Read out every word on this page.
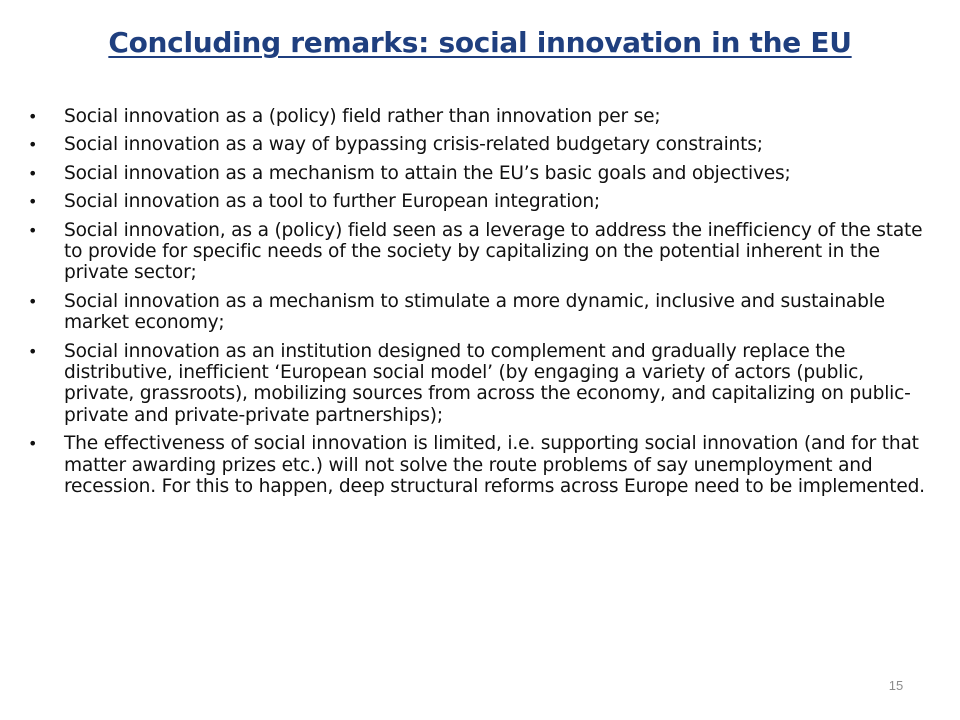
Concluding remarks: social innovation in the EU
•	Social innovation as a (policy) field rather than innovation per se;
•	Social innovation as a way of bypassing crisis-related budgetary constraints;
•	Social innovation as a mechanism to attain the EU’s basic goals and objectives;
•	Social innovation as a tool to further European integration;
•	Social innovation, as a (policy) field seen as a leverage to address the inefficiency of the state to provide for specific needs of the society by capitalizing on the potential inherent in the private sector;
•	Social innovation as a mechanism to stimulate a more dynamic, inclusive and sustainable market economy;
•	Social innovation as an institution designed to complement and gradually replace the distributive, inefficient ‘European social model’ (by engaging a variety of actors (public, private, grassroots), mobilizing sources from across the economy, and capitalizing on public-private and private-private partnerships);
•	The effectiveness of social innovation is limited, i.e. supporting social innovation (and for that matter awarding prizes etc.) will not solve the route problems of say unemployment and recession. For this to happen, deep structural reforms across Europe need to be implemented.
15
